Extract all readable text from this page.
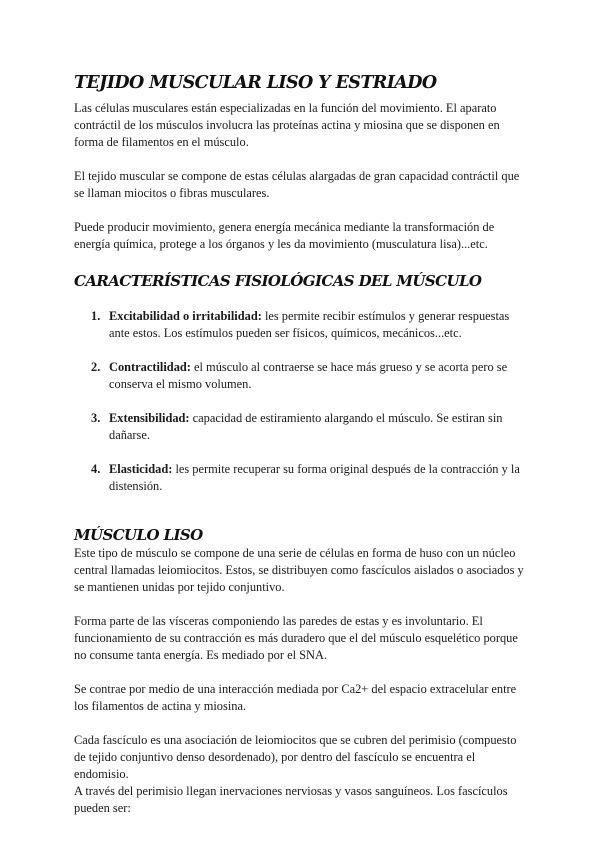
TEJIDO MUSCULAR LISO Y ESTRIADO

Las células musculares están especializadas en la función del movimiento. El aparato contráctil de los músculos involucra las proteínas actina y miosina que se disponen en forma de filamentos en el músculo.

El tejido muscular se compone de estas células alargadas de gran capacidad contráctil que se llaman miocitos o fibras musculares.

Puede producir movimiento, genera energía mecánica mediante la transformación de energía química, protege a los órganos y les da movimiento (musculatura lisa)...etc.

CARACTERÍSTICAS FISIOLÓGICAS DEL MÚSCULO
1. Excitabilidad o irritabilidad: les permite recibir estímulos y generar respuestas ante estos. Los estímulos pueden ser físicos, químicos, mecánicos...etc.
2. Contractilidad: el músculo al contraerse se hace más grueso y se acorta pero se conserva el mismo volumen.
3. Extensibilidad: capacidad de estiramiento alargando el músculo. Se estiran sin dañarse.
4. Elasticidad: les permite recuperar su forma original después de la contracción y la distensión.
MÚSCULO LISO

Este tipo de músculo se compone de una serie de células en forma de huso con un núcleo central llamadas leiomiocitos. Estos, se distribuyen como fascículos aislados o asociados y se mantienen unidas por tejido conjuntivo.

Forma parte de las vísceras componiendo las paredes de estas y es involuntario. El funcionamiento de su contracción es más duradero que el del músculo esquelético porque no consume tanta energía. Es mediado por el SNA.

Se contrae por medio de una interacción mediada por Ca2+ del espacio extracelular entre los filamentos de actina y miosina.

Cada fascículo es una asociación de leiomiocitos que se cubren del perimisio (compuesto de tejido conjuntivo denso desordenado), por dentro del fascículo se encuentra el endomisio.

A través del perimisio llegan inervaciones nerviosas y vasos sanguíneos. Los fascículos pueden ser:
